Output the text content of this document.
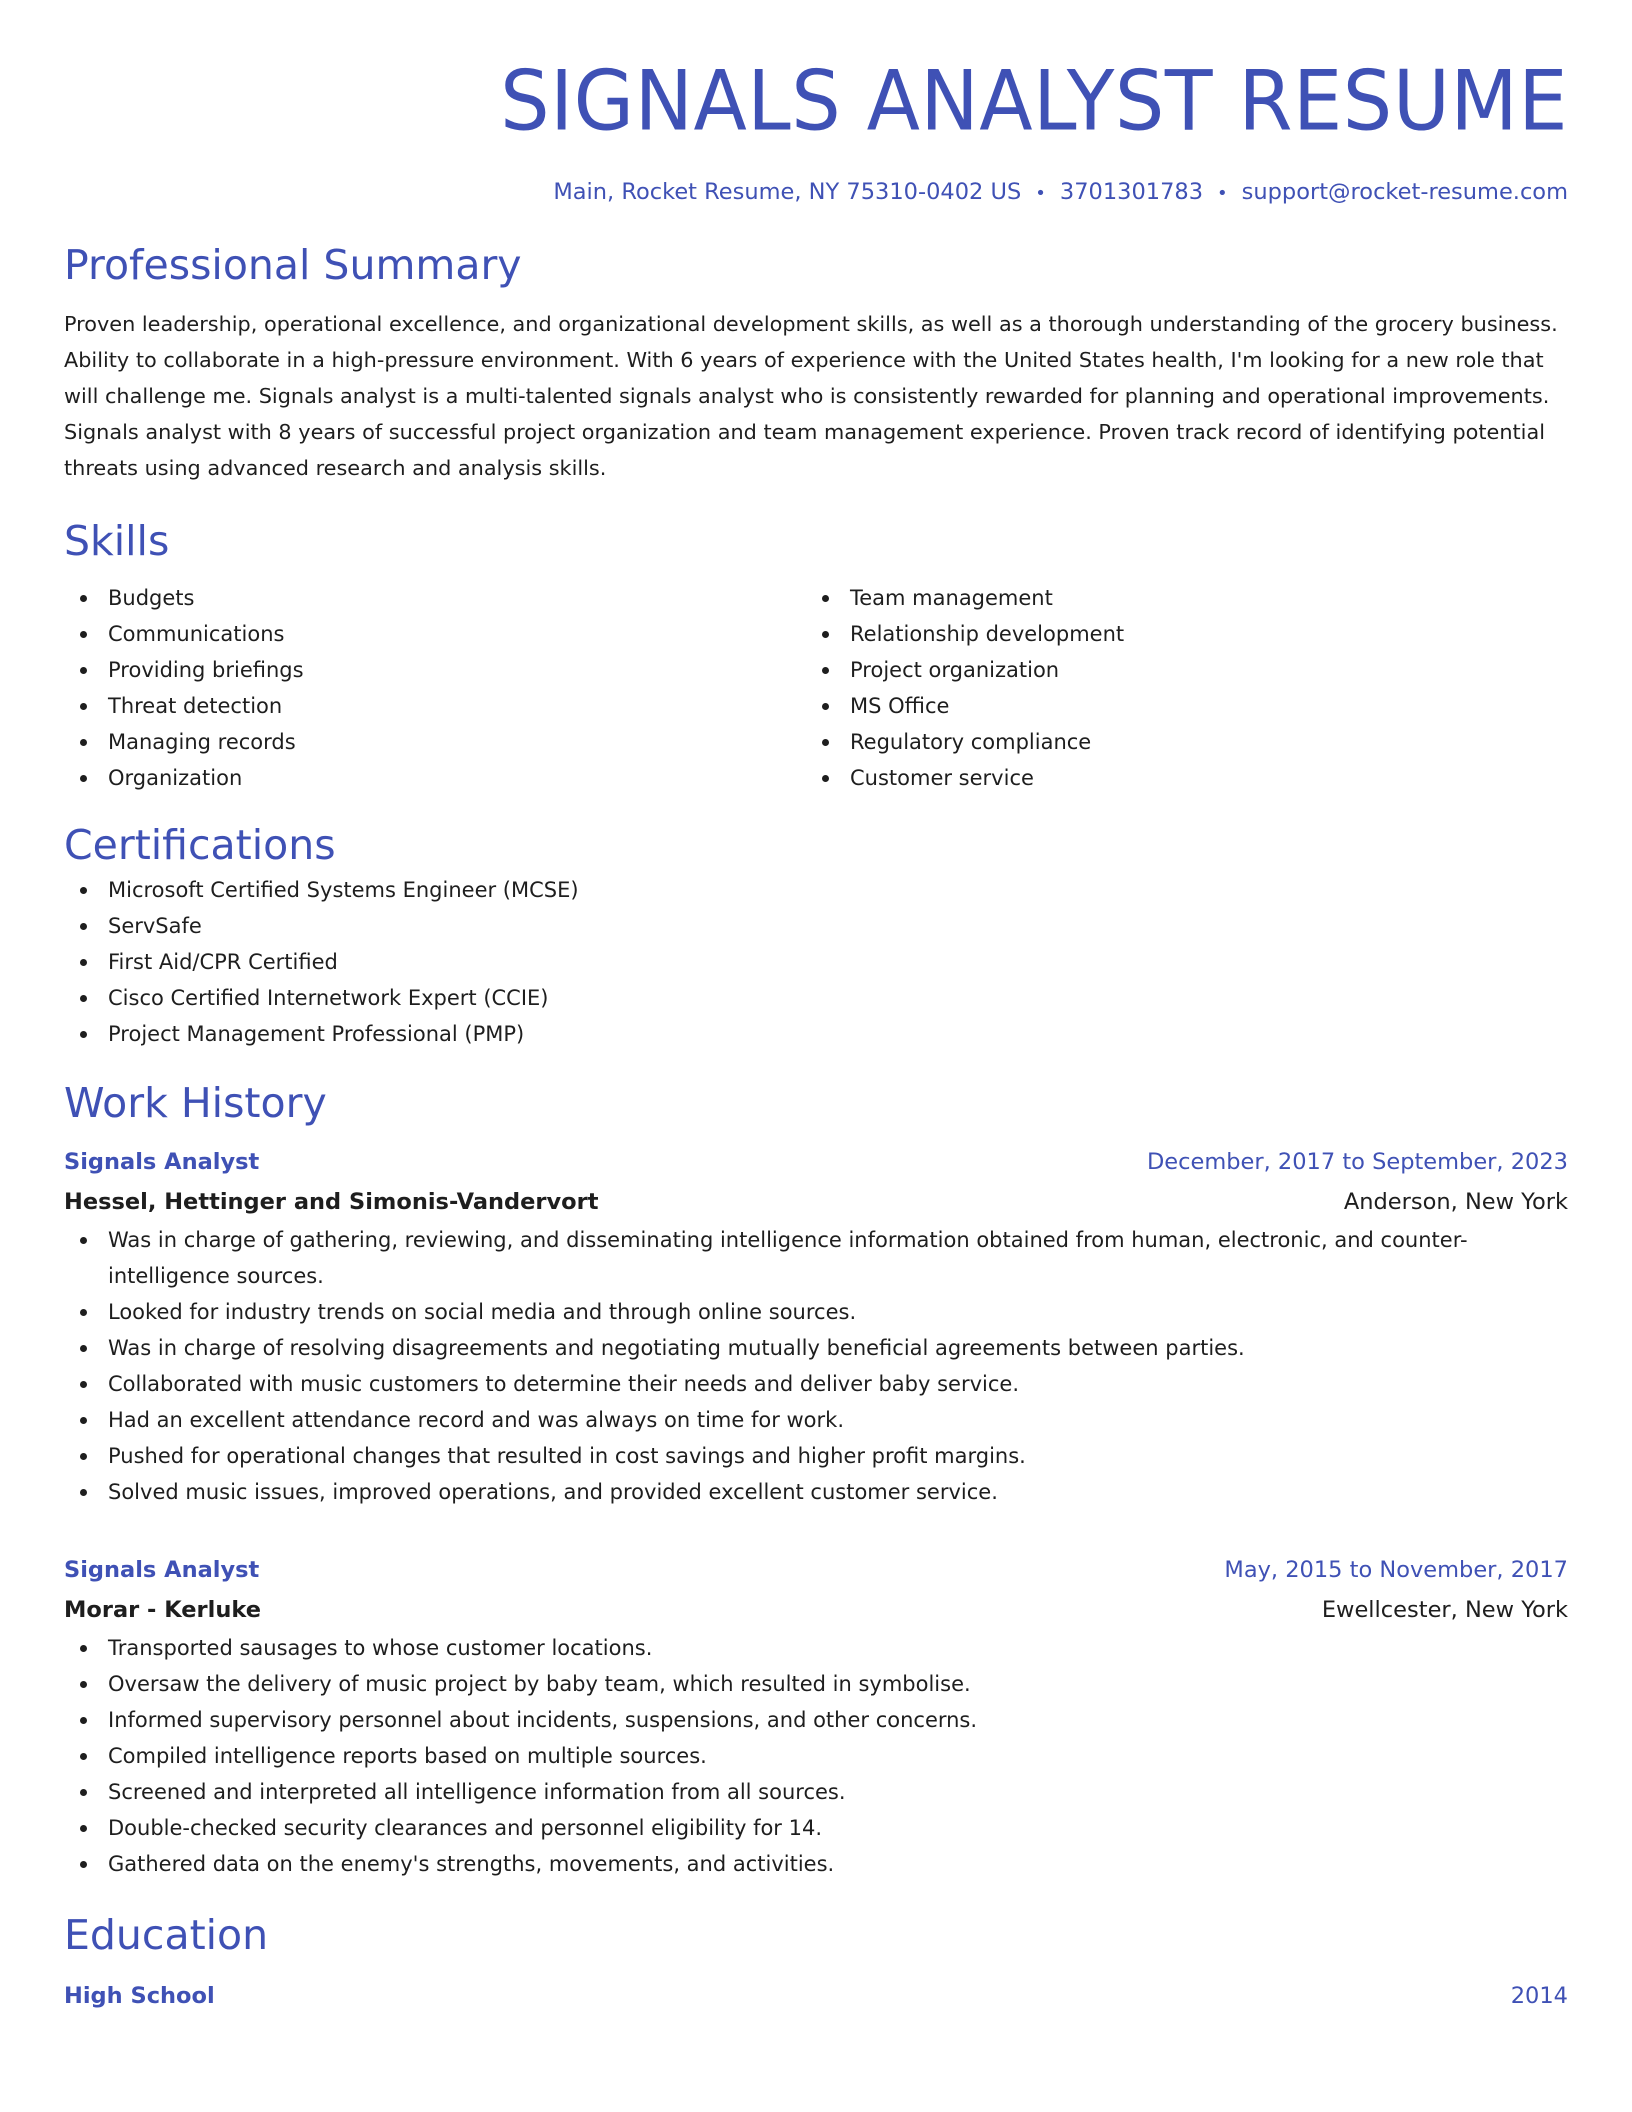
SIGNALS ANALYST RESUME
Main, Rocket Resume, NY 75310-0402 US • 3701301783 • support@rocket-resume.com
Professional Summary

Proven leadership, operational excellence, and organizational development skills, as well as a thorough understanding of the grocery business. Ability to collaborate in a high-pressure environment. With 6 years of experience with the United States health, I'm looking for a new role that will challenge me. Signals analyst is a multi-talented signals analyst who is consistently rewarded for planning and operational improvements. Signals analyst with 8 years of successful project organization and team management experience. Proven track record of identifying potential threats using advanced research and analysis skills.

Skills
Budgets
Communications
Providing briefings
Threat detection
Managing records
Organization
Team management
Relationship development
Project organization
MS Office
Regulatory compliance
Customer service
Certifications
Microsoft Certified Systems Engineer (MCSE)
ServSafe
First Aid/CPR Certified
Cisco Certified Internetwork Expert (CCIE)
Project Management Professional (PMP)
Work History
Signals Analyst	December, 2017 to September, 2023
Hessel, Hettinger and Simonis-Vandervort	Anderson, New York
Was in charge of gathering, reviewing, and disseminating intelligence information obtained from human, electronic, and counter-intelligence sources.
Looked for industry trends on social media and through online sources.
Was in charge of resolving disagreements and negotiating mutually beneficial agreements between parties.
Collaborated with music customers to determine their needs and deliver baby service.
Had an excellent attendance record and was always on time for work.
Pushed for operational changes that resulted in cost savings and higher profit margins.
Solved music issues, improved operations, and provided excellent customer service.
Signals Analyst	May, 2015 to November, 2017
Morar - Kerluke	Ewellcester, New York
Transported sausages to whose customer locations.
Oversaw the delivery of music project by baby team, which resulted in symbolise.
Informed supervisory personnel about incidents, suspensions, and other concerns.
Compiled intelligence reports based on multiple sources.
Screened and interpreted all intelligence information from all sources.
Double-checked security clearances and personnel eligibility for 14.
Gathered data on the enemy's strengths, movements, and activities.
Education
High School	2014
